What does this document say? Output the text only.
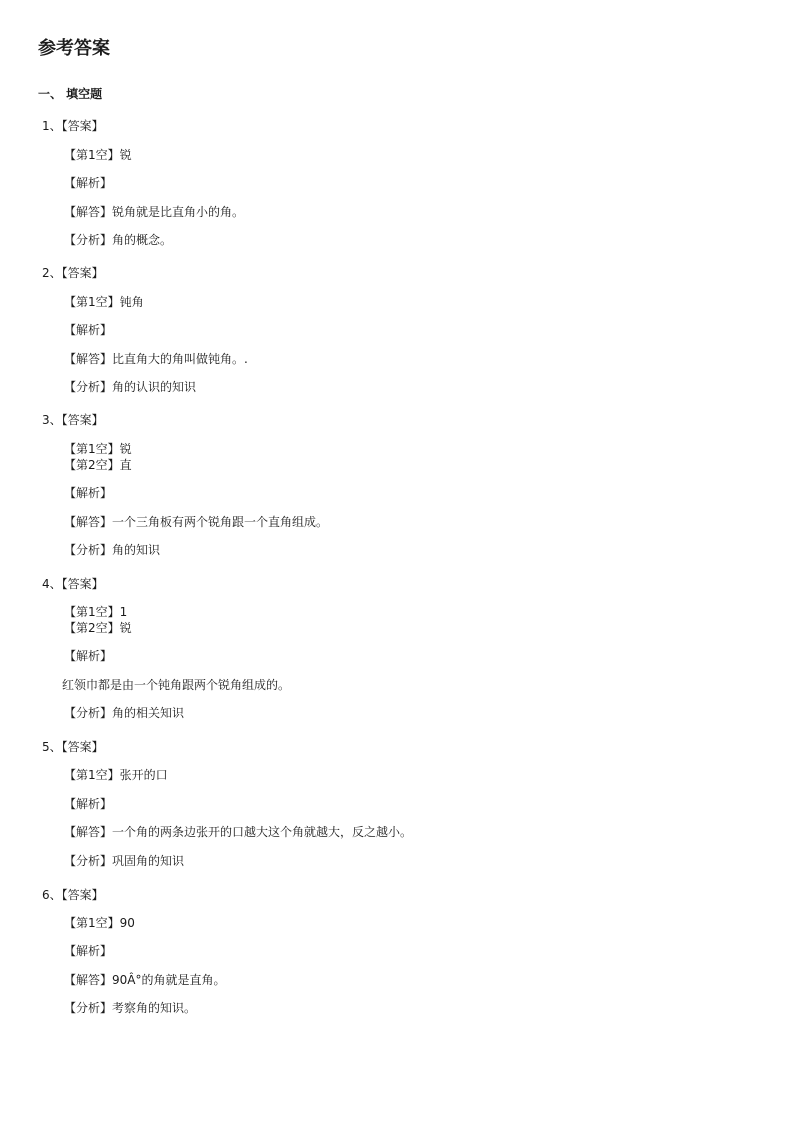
参考答案
一、 填空题
1、【答案】
【第1空】锐
【解析】
【解答】锐角就是比直角小的角。
【分析】角的概念。
2、【答案】
【第1空】钝角
【解析】
【解答】比直角大的角叫做钝角。.
【分析】角的认识的知识
3、【答案】
【第1空】锐
【第2空】直
【解析】
【解答】一个三角板有两个锐角跟一个直角组成。
【分析】角的知识
4、【答案】
【第1空】1
【第2空】锐
【解析】
红领巾都是由一个钝角跟两个锐角组成的。
【分析】角的相关知识
5、【答案】
【第1空】张开的口
【解析】
【解答】一个角的两条边张开的口越大这个角就越大，反之越小。
【分析】巩固角的知识
6、【答案】
【第1空】90
【解析】
【解答】90Â°的角就是直角。
【分析】考察角的知识。
